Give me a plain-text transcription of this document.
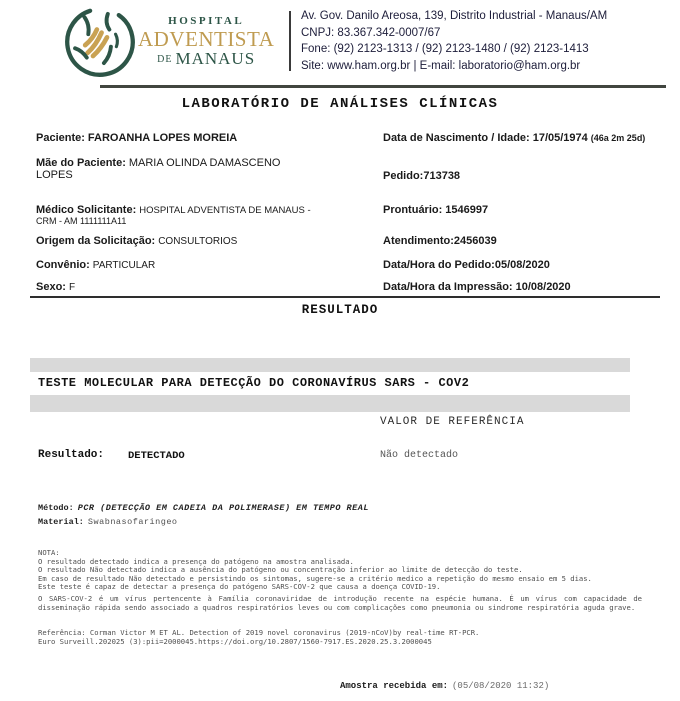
HOSPITAL
ADVENTISTA
DE MANAUS
Av. Gov. Danilo Areosa, 139, Distrito Industrial - Manaus/AM
CNPJ: 83.367.342-0007/67
Fone: (92) 2123-1313 / (92) 2123-1480 / (92) 2123-1413
Site: www.ham.org.br | E-mail: laboratorio@ham.org.br
LABORATÓRIO DE ANÁLISES CLÍNICAS
Paciente: FAROANHA LOPES MOREIA	Data de Nascimento / Idade: 17/05/1974 (46a 2m 25d)
Mãe do Paciente: MARIA OLINDA DAMASCENO
LOPES	Pedido:713738
Médico Solicitante: HOSPITAL ADVENTISTA DE MANAUS -
CRM - AM 1111111A11
Prontuário: 1546997
Origem da Solicitação: CONSULTORIOS	Atendimento:2456039
Convênio: PARTICULAR	Data/Hora do Pedido:05/08/2020
Sexo: F	Data/Hora da Impressão: 10/08/2020
RESULTADO
TESTE MOLECULAR PARA DETECÇÃO DO CORONAVÍRUS SARS - COV2
VALOR DE REFERÊNCIA
Resultado: DETECTADO	Não detectado
Método: PCR (DETECÇÃO EM CADEIA DA POLIMERASE) EM TEMPO REAL
Material: Swabnasofaringeo
NOTA:
O resultado detectado indica a presença do patógeno na amostra analisada.
O resultado Não detectado indica a ausência do patógeno ou concentração inferior ao limite de detecção do teste.
Em caso de resultado Não detectado e persistindo os sintomas, sugere-se a critério medico a repetição do mesmo ensaio em 5 dias.
Este teste é capaz de detectar a presença do patógeno SARS-COV-2 que causa a doença COVID-19.
O SARS-COV-2 é um vírus pertencente à Família coronaviridae de introdução recente na espécie humana. É um vírus com capacidade de disseminação rápida sendo associado a quadros respiratórios leves ou com complicações como pneumonia ou sindrome respiratória aguda grave.
Referência: Corman Victor M ET AL. Detection of 2019 novel coronavirus (2019-nCoV)by real-time RT-PCR.
Euro Surveill.202025 (3):pii=2000045.https://doi.org/10.2807/1560-7917.ES.2020.25.3.2000045
Amostra recebida em: (05/08/2020 11:32)
